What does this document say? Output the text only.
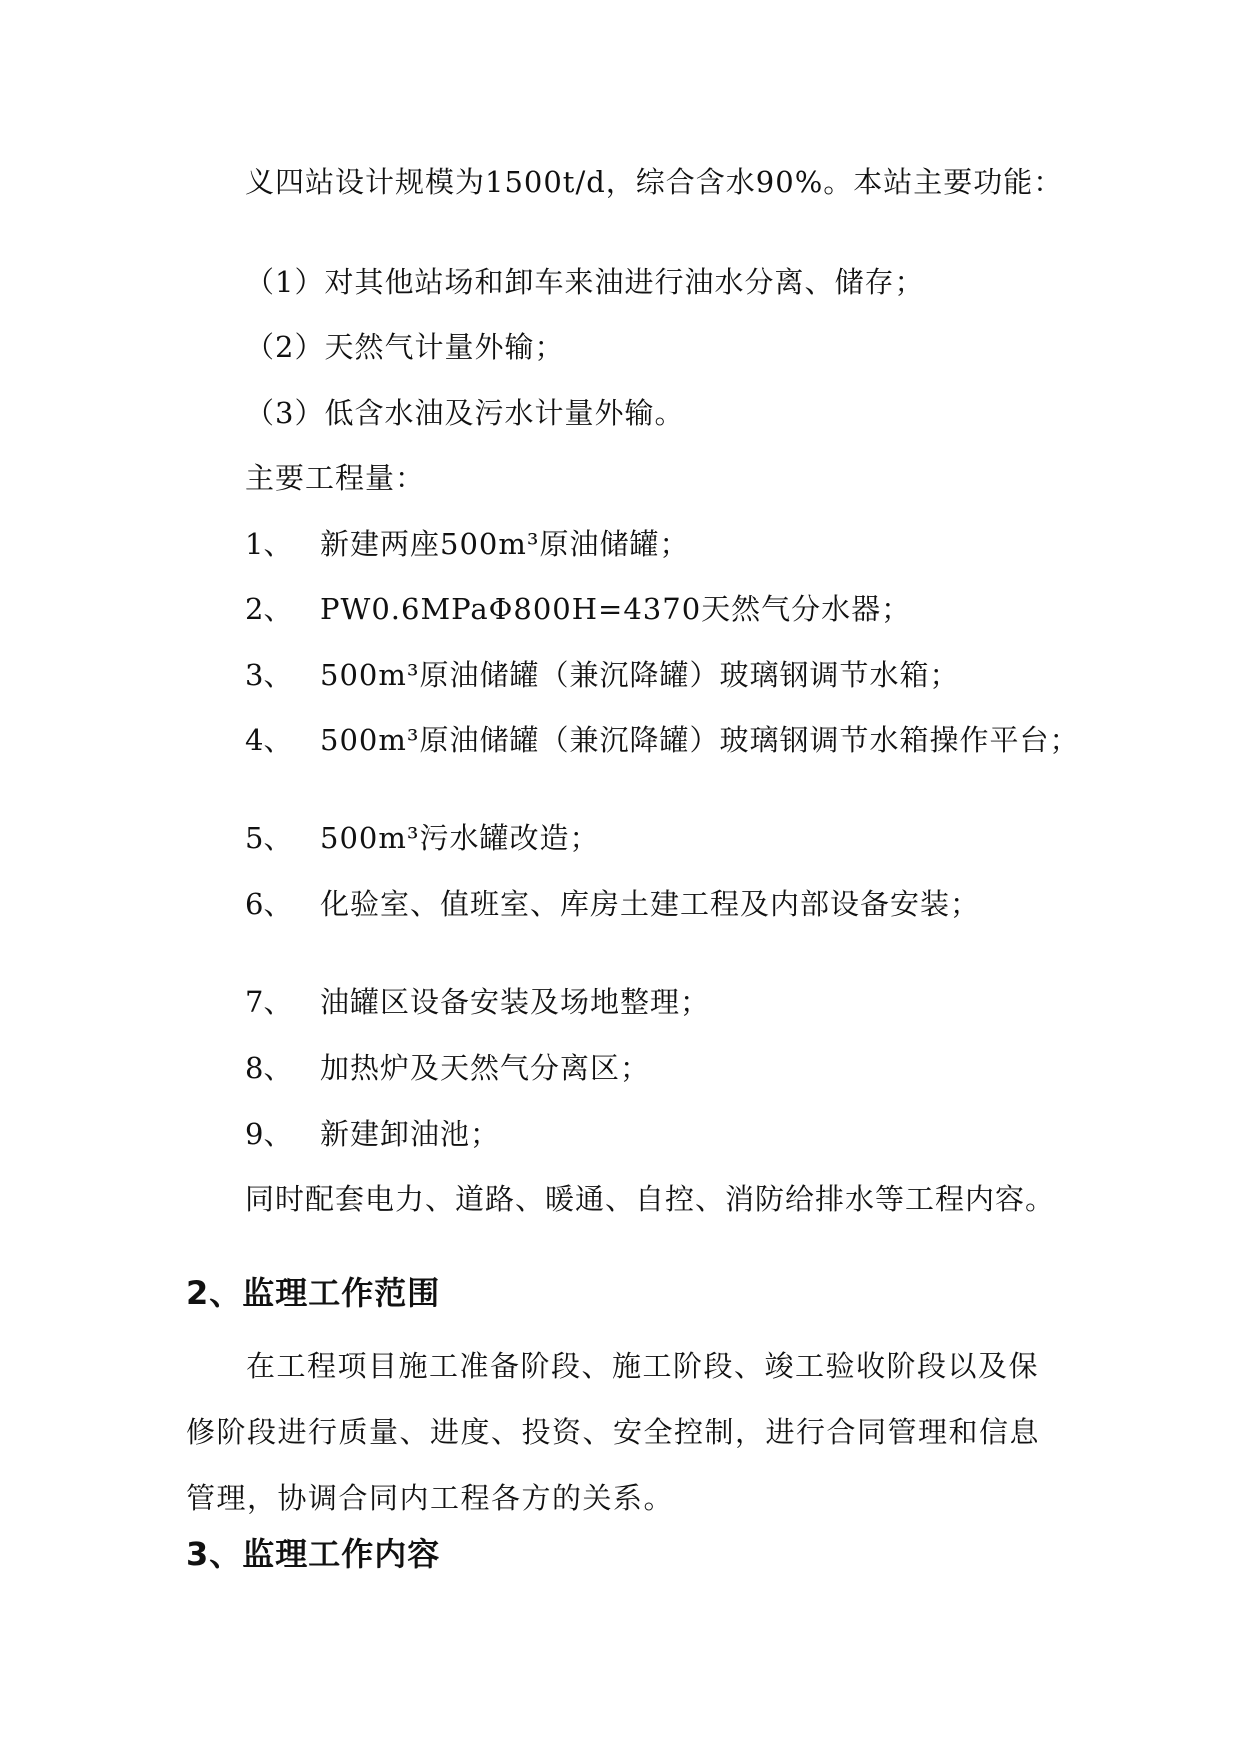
义四站设计规模为1500t/d，综合含水90%。本站主要功能：
（1）对其他站场和卸车来油进行油水分离、储存；
（2）天然气计量外输；
（3）低含水油及污水计量外输。
主要工程量：
1、 新建两座500m³原油储罐；
2、 PW0.6MPaΦ800H=4370天然气分水器；
3、 500m³原油储罐（兼沉降罐）玻璃钢调节水箱；
4、 500m³原油储罐（兼沉降罐）玻璃钢调节水箱操作平台；
5、 500m³污水罐改造；
6、 化验室、值班室、库房土建工程及内部设备安装；
7、 油罐区设备安装及场地整理；
8、 加热炉及天然气分离区；
9、 新建卸油池；
同时配套电力、道路、暖通、自控、消防给排水等工程内容。
2、监理工作范围
在工程项目施工准备阶段、施工阶段、竣工验收阶段以及保修阶段进行质量、进度、投资、安全控制，进行合同管理和信息管理，协调合同内工程各方的关系。
3、监理工作内容
